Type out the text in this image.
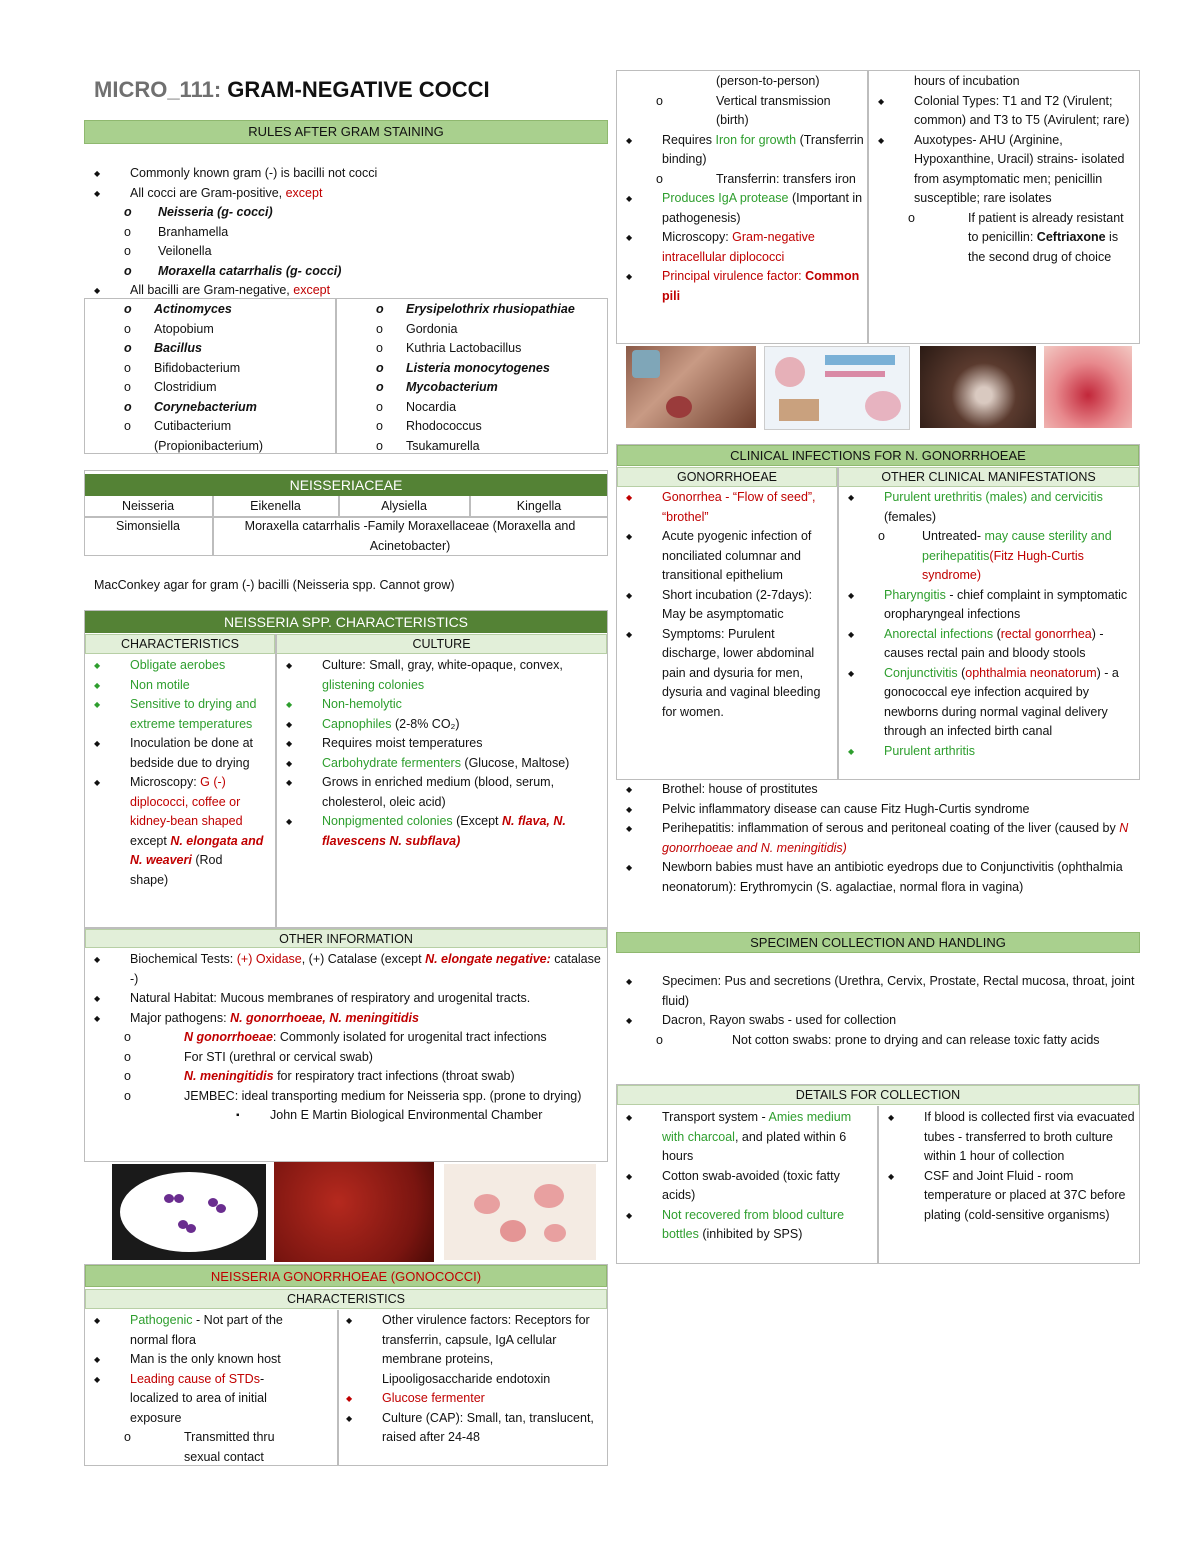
MICRO_111: GRAM-NEGATIVE COCCI
RULES AFTER GRAM STAINING
◆ Commonly known gram (-) is bacilli not cocci
◆ All cocci are Gram-positive, except
o Neisseria (g- cocci)
o Branhamella
o Veilonella
o Moraxella catarrhalis (g- cocci)
◆ All bacilli are Gram-negative, except
o Actinomyces
o Atopobium
o Bacillus
o Bifidobacterium
o Clostridium
o Corynebacterium
o Cutibacterium
(Propionibacterium)
o Erysipelothrix rhusiopathiae
o Gordonia
o Kuthria Lactobacillus
o Listeria monocytogenes
o Mycobacterium
o Nocardia
o Rhodococcus
o Tsukamurella
NEISSERIACEAE
Neisseria	Eikenella	Alysiella	Kingella
Simonsiella	Moraxella catarrhalis -Family Moraxellaceae (Moraxella and Acinetobacter)
MacConkey agar for gram (-) bacilli (Neisseria spp. Cannot grow)
NEISSERIA SPP. CHARACTERISTICS
CHARACTERISTICS	CULTURE
◆ Obligate aerobes
◆ Non motile
◆ Sensitive to drying and extreme temperatures
◆ Inoculation be done at bedside due to drying
◆ Microscopy: G (-) diplococci, coffee or kidney-bean shaped except N. elongata and N. weaveri (Rod shape)
◆ Culture: Small, gray, white-opaque, convex, glistening colonies
◆ Non-hemolytic
◆ Capnophiles (2-8% CO₂)
◆ Requires moist temperatures
◆ Carbohydrate fermenters (Glucose, Maltose)
◆ Grows in enriched medium (blood, serum, cholesterol, oleic acid)
◆ Nonpigmented colonies (Except N. flava, N. flavescens N. subflava)
OTHER INFORMATION
◆ Biochemical Tests: (+) Oxidase, (+) Catalase (except N. elongate negative: catalase -)
◆ Natural Habitat: Mucous membranes of respiratory and urogenital tracts.
◆ Major pathogens: N. gonorrhoeae, N. meningitidis
o N gonorrhoeae: Commonly isolated for urogenital tract infections
o For STI (urethral or cervical swab)
o N. meningitidis for respiratory tract infections (throat swab)
o JEMBEC: ideal transporting medium for Neisseria spp. (prone to drying)
▪ John E Martin Biological Environmental Chamber
NEISSERIA GONORRHOEAE (GONOCOCCI)
CHARACTERISTICS
◆ Pathogenic - Not part of the normal flora
◆ Man is the only known host
◆ Leading cause of STDs- localized to area of initial exposure
o Transmitted thru sexual contact
◆ Other virulence factors: Receptors for transferrin, capsule, IgA cellular membrane proteins, Lipooligosaccharide endotoxin
◆ Glucose fermenter
◆ Culture (CAP): Small, tan, translucent, raised after 24-48
(person-to-person)
o Vertical transmission (birth)
◆ Requires Iron for growth (Transferrin binding)
o Transferrin: transfers iron
◆ Produces IgA protease (Important in pathogenesis)
◆ Microscopy: Gram-negative intracellular diplococci
◆ Principal virulence factor: Common pili
hours of incubation
◆ Colonial Types: T1 and T2 (Virulent; common) and T3 to T5 (Avirulent; rare)
◆ Auxotypes- AHU (Arginine, Hypoxanthine, Uracil) strains- isolated from asymptomatic men; penicillin susceptible; rare isolates
o If patient is already resistant to penicillin: Ceftriaxone is the second drug of choice
CLINICAL INFECTIONS FOR N. GONORRHOEAE
GONORRHOEAE	OTHER CLINICAL MANIFESTATIONS
◆ Gonorrhea - “Flow of seed”, “brothel”
◆ Acute pyogenic infection of nonciliated columnar and transitional epithelium
◆ Short incubation (2-7days): May be asymptomatic
◆ Symptoms: Purulent discharge, lower abdominal pain and dysuria for men, dysuria and vaginal bleeding for women.
◆ Purulent urethritis (males) and cervicitis (females)
o Untreated- may cause sterility and perihepatitis(Fitz Hugh-Curtis syndrome)
◆ Pharyngitis - chief complaint in symptomatic oropharyngeal infections
◆ Anorectal infections (rectal gonorrhea) - causes rectal pain and bloody stools
◆ Conjunctivitis (ophthalmia neonatorum) - a gonococcal eye infection acquired by newborns during normal vaginal delivery through an infected birth canal
◆ Purulent arthritis
◆ Brothel: house of prostitutes
◆ Pelvic inflammatory disease can cause Fitz Hugh-Curtis syndrome
◆ Perihepatitis: inflammation of serous and peritoneal coating of the liver (caused by N gonorrhoeae and N. meningitidis)
◆ Newborn babies must have an antibiotic eyedrops due to Conjunctivitis (ophthalmia neonatorum): Erythromycin (S. agalactiae, normal flora in vagina)
SPECIMEN COLLECTION AND HANDLING
◆ Specimen: Pus and secretions (Urethra, Cervix, Prostate, Rectal mucosa, throat, joint fluid)
◆ Dacron, Rayon swabs - used for collection
o Not cotton swabs: prone to drying and can release toxic fatty acids
DETAILS FOR COLLECTION
◆ Transport system - Amies medium with charcoal, and plated within 6 hours
◆ Cotton swab-avoided (toxic fatty acids)
◆ Not recovered from blood culture bottles (inhibited by SPS)
◆ If blood is collected first via evacuated tubes - transferred to broth culture within 1 hour of collection
◆ CSF and Joint Fluid - room temperature or placed at 37C before plating (cold-sensitive organisms)
